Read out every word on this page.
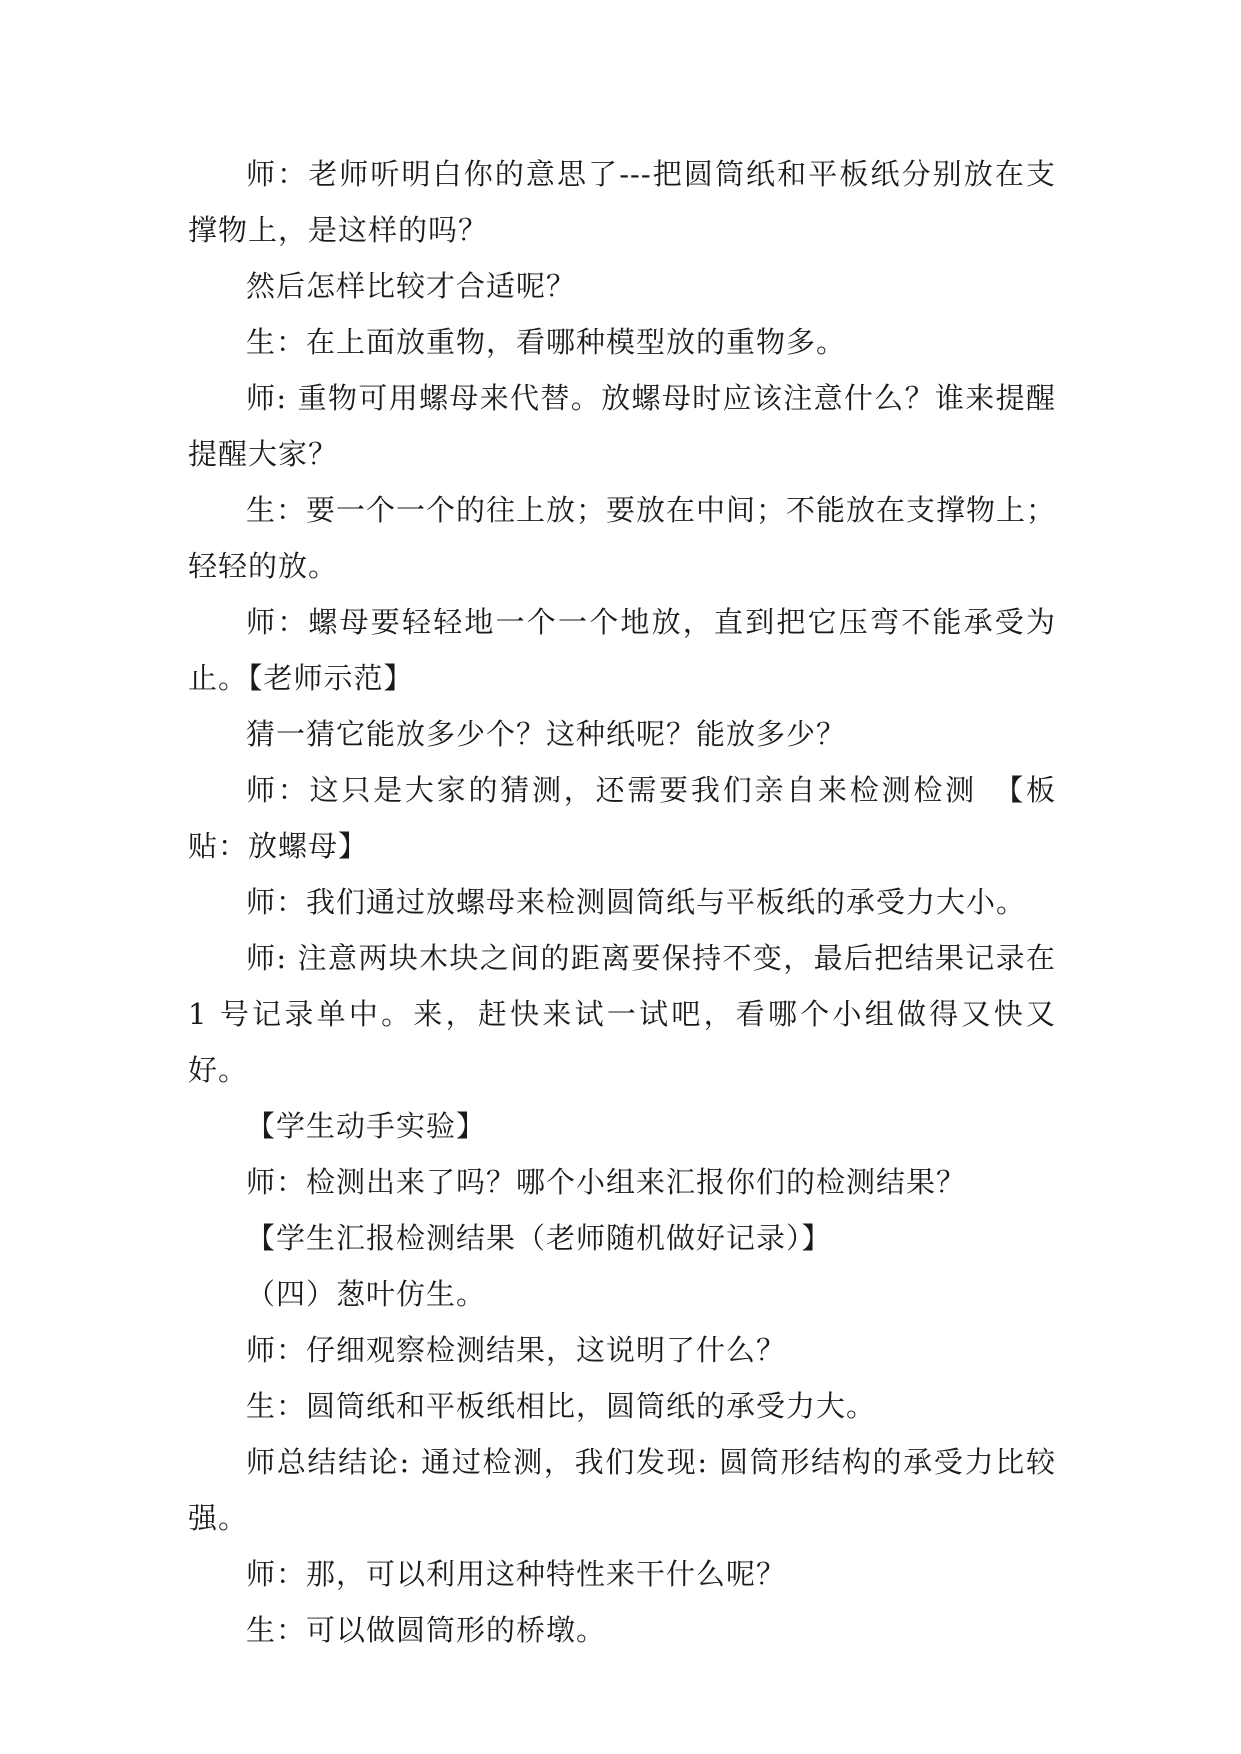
师：老师听明白你的意思了---把圆筒纸和平板纸分别放在支撑物上，是这样的吗？

然后怎样比较才合适呢？

生：在上面放重物，看哪种模型放的重物多。

师: 重物可用螺母来代替。放螺母时应该注意什么？谁来提醒提醒大家？

生：要一个一个的往上放；要放在中间；不能放在支撑物上；轻轻的放。

师：螺母要轻轻地一个一个地放，直到把它压弯不能承受为止。【老师示范】

猜一猜它能放多少个？这种纸呢？能放多少？

师：这只是大家的猜测，还需要我们亲自来检测检测　【板贴：放螺母】

师：我们通过放螺母来检测圆筒纸与平板纸的承受力大小。

师: 注意两块木块之间的距离要保持不变，最后把结果记录在 1 号记录单中。来，赶快来试一试吧，看哪个小组做得又快又好。

【学生动手实验】

师：检测出来了吗？哪个小组来汇报你们的检测结果？

【学生汇报检测结果（老师随机做好记录）】

（四）葱叶仿生。

师：仔细观察检测结果，这说明了什么？

生：圆筒纸和平板纸相比，圆筒纸的承受力大。

师总结结论: 通过检测，我们发现: 圆筒形结构的承受力比较强。

师：那，可以利用这种特性来干什么呢？

生：可以做圆筒形的桥墩。
